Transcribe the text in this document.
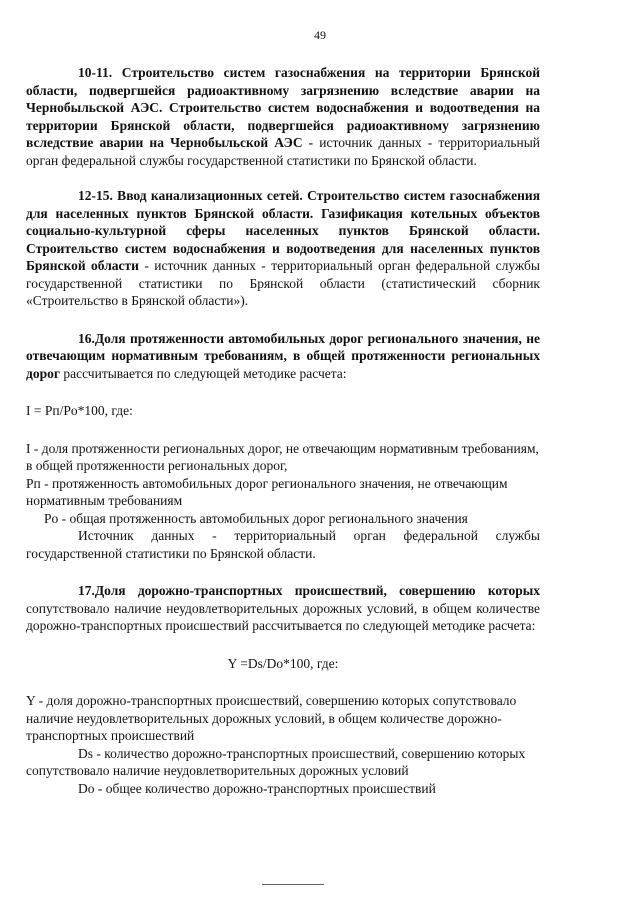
49

10-11. Строительство систем газоснабжения на территории Брянской области, подвергшейся радиоактивному загрязнению вследствие аварии на Чернобыльской АЭС. Строительство систем водоснабжения и водоотведения на территории Брянской области, подвергшейся радиоактивному загрязнению вследствие аварии на Чернобыльской АЭС - источник данных - территориальный орган федеральной службы государственной статистики по Брянской области.

12-15. Ввод канализационных сетей. Строительство систем газоснабжения для населенных пунктов Брянской области. Газификация котельных объектов социально-культурной сферы населенных пунктов Брянской области. Строительство систем водоснабжения и водоотведения для населенных пунктов Брянской области - источник данных - территориальный орган федеральной службы государственной статистики по Брянской области (статистический сборник «Строительство в Брянской области»).

16.Доля протяженности автомобильных дорог регионального значения, не отвечающим нормативным требованиям, в общей протяженности региональных дорог рассчитывается по следующей методике расчета:

I = Pп/Pо*100, где:

I - доля протяженности региональных дорог, не отвечающим нормативным требованиям, в общей протяженности региональных дорог,

Pп - протяженность автомобильных дорог регионального значения, не отвечающим нормативным требованиям

Pо - общая протяженность автомобильных дорог регионального значения

Источник данных - территориальный орган федеральной службы государственной статистики по Брянской области.

17.Доля дорожно-транспортных происшествий, совершению которых сопутствовало наличие неудовлетворительных дорожных условий, в общем количестве дорожно-транспортных происшествий рассчитывается по следующей методике расчета:

Y =Ds/Do*100, где:

Y - доля дорожно-транспортных происшествий, совершению которых сопутствовало наличие неудовлетворительных дорожных условий, в общем количестве дорожно-транспортных происшествий

Ds - количество дорожно-транспортных происшествий, совершению которых сопутствовало наличие неудовлетворительных дорожных условий

Do - общее количество дорожно-транспортных происшествий
